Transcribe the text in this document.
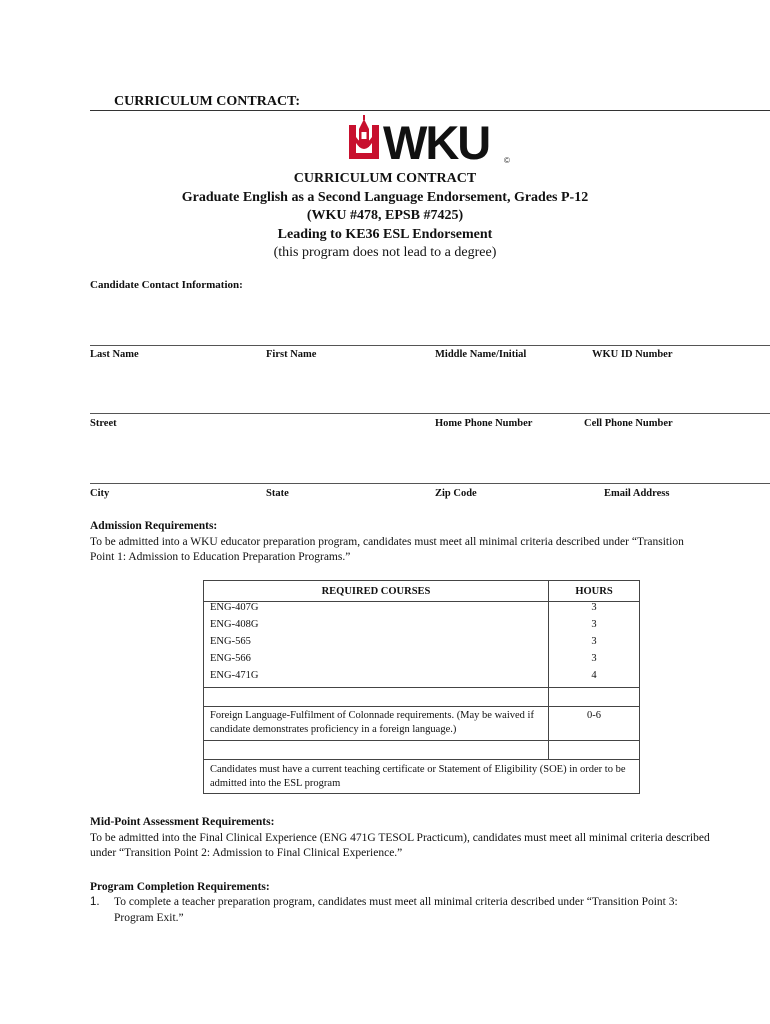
CURRICULUM CONTRACT:
WKU ©
CURRICULUM CONTRACT
Graduate English as a Second Language Endorsement, Grades P-12
(WKU #478, EPSB #7425)
Leading to KE36 ESL Endorsement
(this program does not lead to a degree)
Candidate Contact Information:
Last Name	First Name	Middle Name/Initial	WKU ID Number
Street	Home Phone Number	Cell Phone Number
City	State	Zip Code	Email Address
Admission Requirements:
To be admitted into a WKU educator preparation program, candidates must meet all minimal criteria described under “Transition Point 1: Admission to Education Preparation Programs.”
REQUIRED COURSES	HOURS
ENG-407G	3
ENG-408G	3
ENG-565	3
ENG-566	3
ENG-471G	4

Foreign Language-Fulfilment of Colonnade requirements. (May be waived if candidate demonstrates proficiency in a foreign language.)	0-6

Candidates must have a current teaching certificate or Statement of Eligibility (SOE) in order to be admitted into the ESL program	
Mid-Point Assessment Requirements:
To be admitted into the Final Clinical Experience (ENG 471G TESOL Practicum), candidates must meet all minimal criteria described under “Transition Point 2: Admission to Final Clinical Experience.”
Program Completion Requirements:
1. To complete a teacher preparation program, candidates must meet all minimal criteria described under “Transition Point 3: Program Exit.”
